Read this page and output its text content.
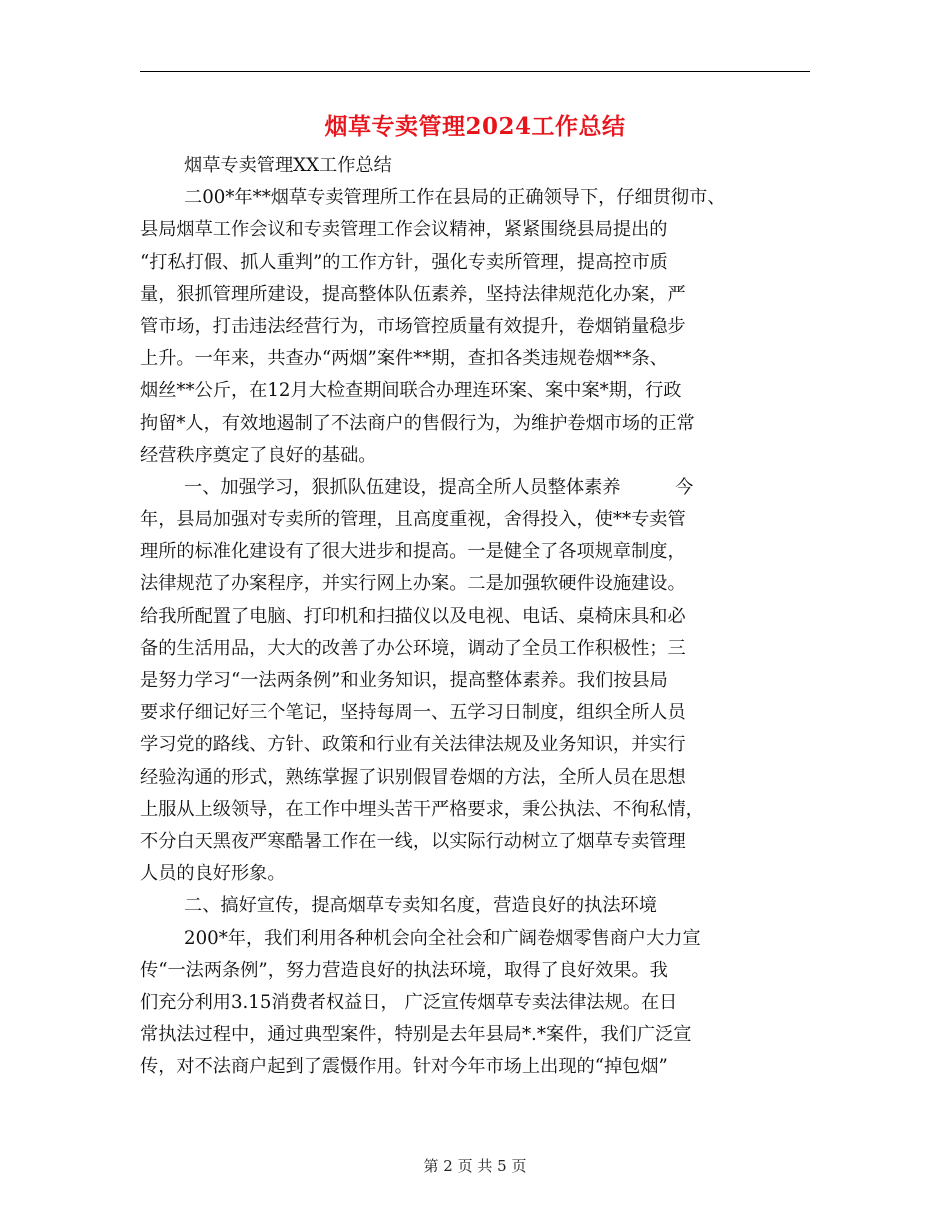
烟草专卖管理2024工作总结
烟草专卖管理XX工作总结
二00*年**烟草专卖管理所工作在县局的正确领导下，仔细贯彻市、
县局烟草工作会议和专卖管理工作会议精神，紧紧围绕县局提出的
“打私打假、抓人重判”的工作方针，强化专卖所管理，提高控市质
量，狠抓管理所建设，提高整体队伍素养，坚持法律规范化办案，严
管市场，打击违法经营行为，市场管控质量有效提升，卷烟销量稳步
上升。一年来，共查办“两烟”案件**期，查扣各类违规卷烟**条、
烟丝**公斤，在12月大检查期间联合办理连环案、案中案*期，行政
拘留*人，有效地遏制了不法商户的售假行为，为维护卷烟市场的正常
经营秩序奠定了良好的基础。
一、加强学习，狠抓队伍建设，提高全所人员整体素养　　　今
年，县局加强对专卖所的管理，且高度重视，舍得投入，使**专卖管
理所的标准化建设有了很大进步和提高。一是健全了各项规章制度，
法律规范了办案程序，并实行网上办案。二是加强软硬件设施建设。
给我所配置了电脑、打印机和扫描仪以及电视、电话、桌椅床具和必
备的生活用品，大大的改善了办公环境，调动了全员工作积极性；三
是努力学习“一法两条例”和业务知识，提高整体素养。我们按县局
要求仔细记好三个笔记，坚持每周一、五学习日制度，组织全所人员
学习党的路线、方针、政策和行业有关法律法规及业务知识，并实行
经验沟通的形式，熟练掌握了识别假冒卷烟的方法，全所人员在思想
上服从上级领导，在工作中埋头苦干严格要求，秉公执法、不徇私情，
不分白天黑夜严寒酷暑工作在一线，以实际行动树立了烟草专卖管理
人员的良好形象。
二、搞好宣传，提高烟草专卖知名度，营造良好的执法环境
200*年，我们利用各种机会向全社会和广阔卷烟零售商户大力宣
传“一法两条例”，努力营造良好的执法环境，取得了良好效果。我
们充分利用3.15消费者权益日， 广泛宣传烟草专卖法律法规。在日
常执法过程中，通过典型案件，特别是去年县局*.*案件，我们广泛宣
传，对不法商户起到了震慑作用。针对今年市场上出现的“掉包烟”
第 2 页 共 5 页
